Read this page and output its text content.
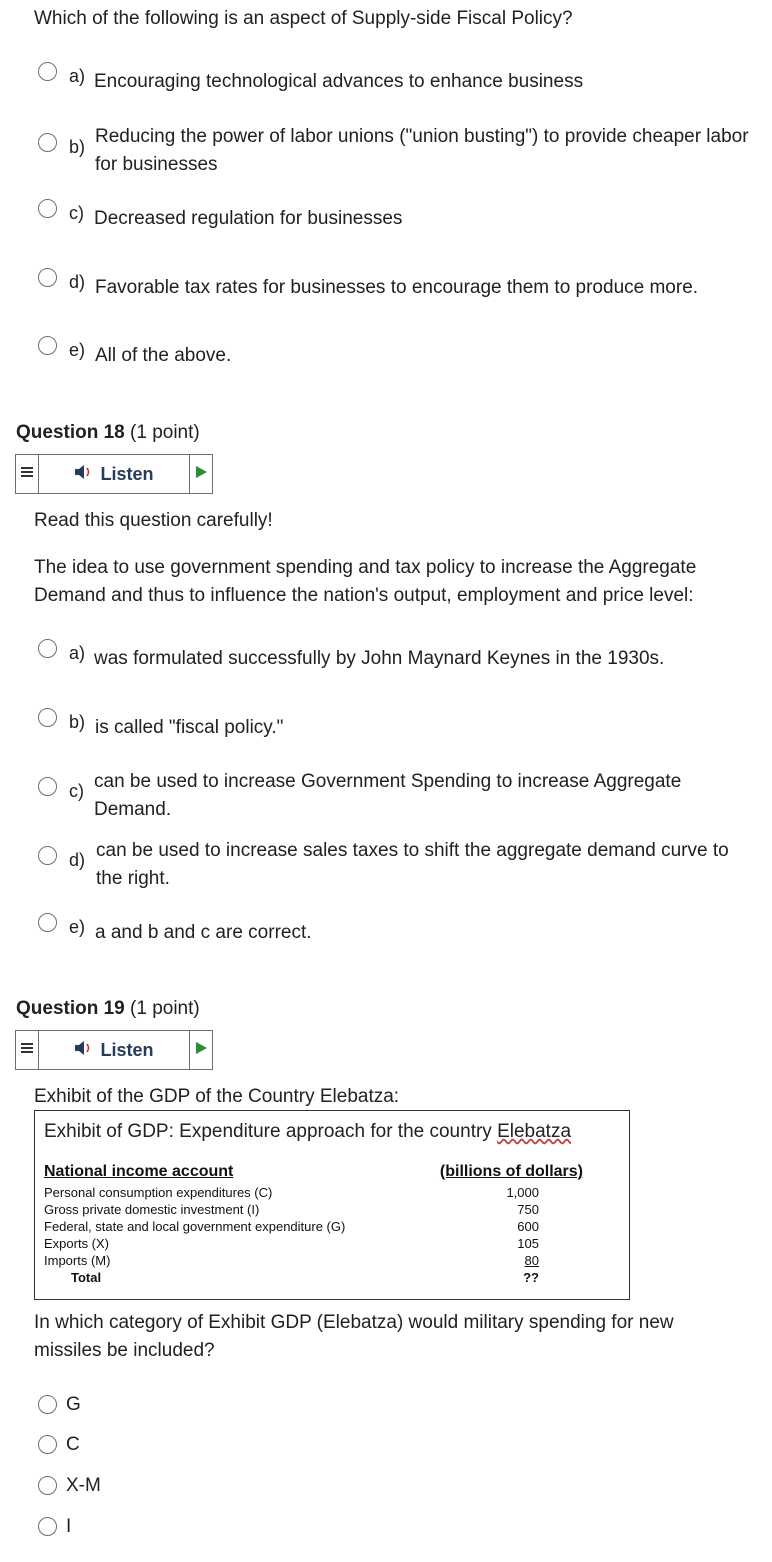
Which of the following is an aspect of Supply-side Fiscal Policy?
a) Encouraging technological advances to enhance business
b) Reducing the power of labor unions ("union busting") to provide cheaper labor for businesses
c) Decreased regulation for businesses
d) Favorable tax rates for businesses to encourage them to produce more.
e) All of the above.
Question 18 (1 point)
Listen
Read this question carefully!
The idea to use government spending and tax policy to increase the Aggregate Demand and thus to influence the nation's output, employment and price level:
a) was formulated successfully by John Maynard Keynes in the 1930s.
b) is called "fiscal policy."
c) can be used to increase Government Spending to increase Aggregate Demand.
d) can be used to increase sales taxes to shift the aggregate demand curve to the right.
e) a and b and c are correct.
Question 19 (1 point)
Listen
Exhibit of the GDP of the Country Elebatza:
Exhibit of GDP: Expenditure approach for the country Elebatza
National income account	(billions of dollars)
Personal consumption expenditures (C)	1,000
Gross private domestic investment (I)	750
Federal, state and local government expenditure (G)	600
Exports (X)	105
Imports (M)	80
Total	??
In which category of Exhibit GDP (Elebatza) would military spending for new missiles be included?
G
C
X-M
I
